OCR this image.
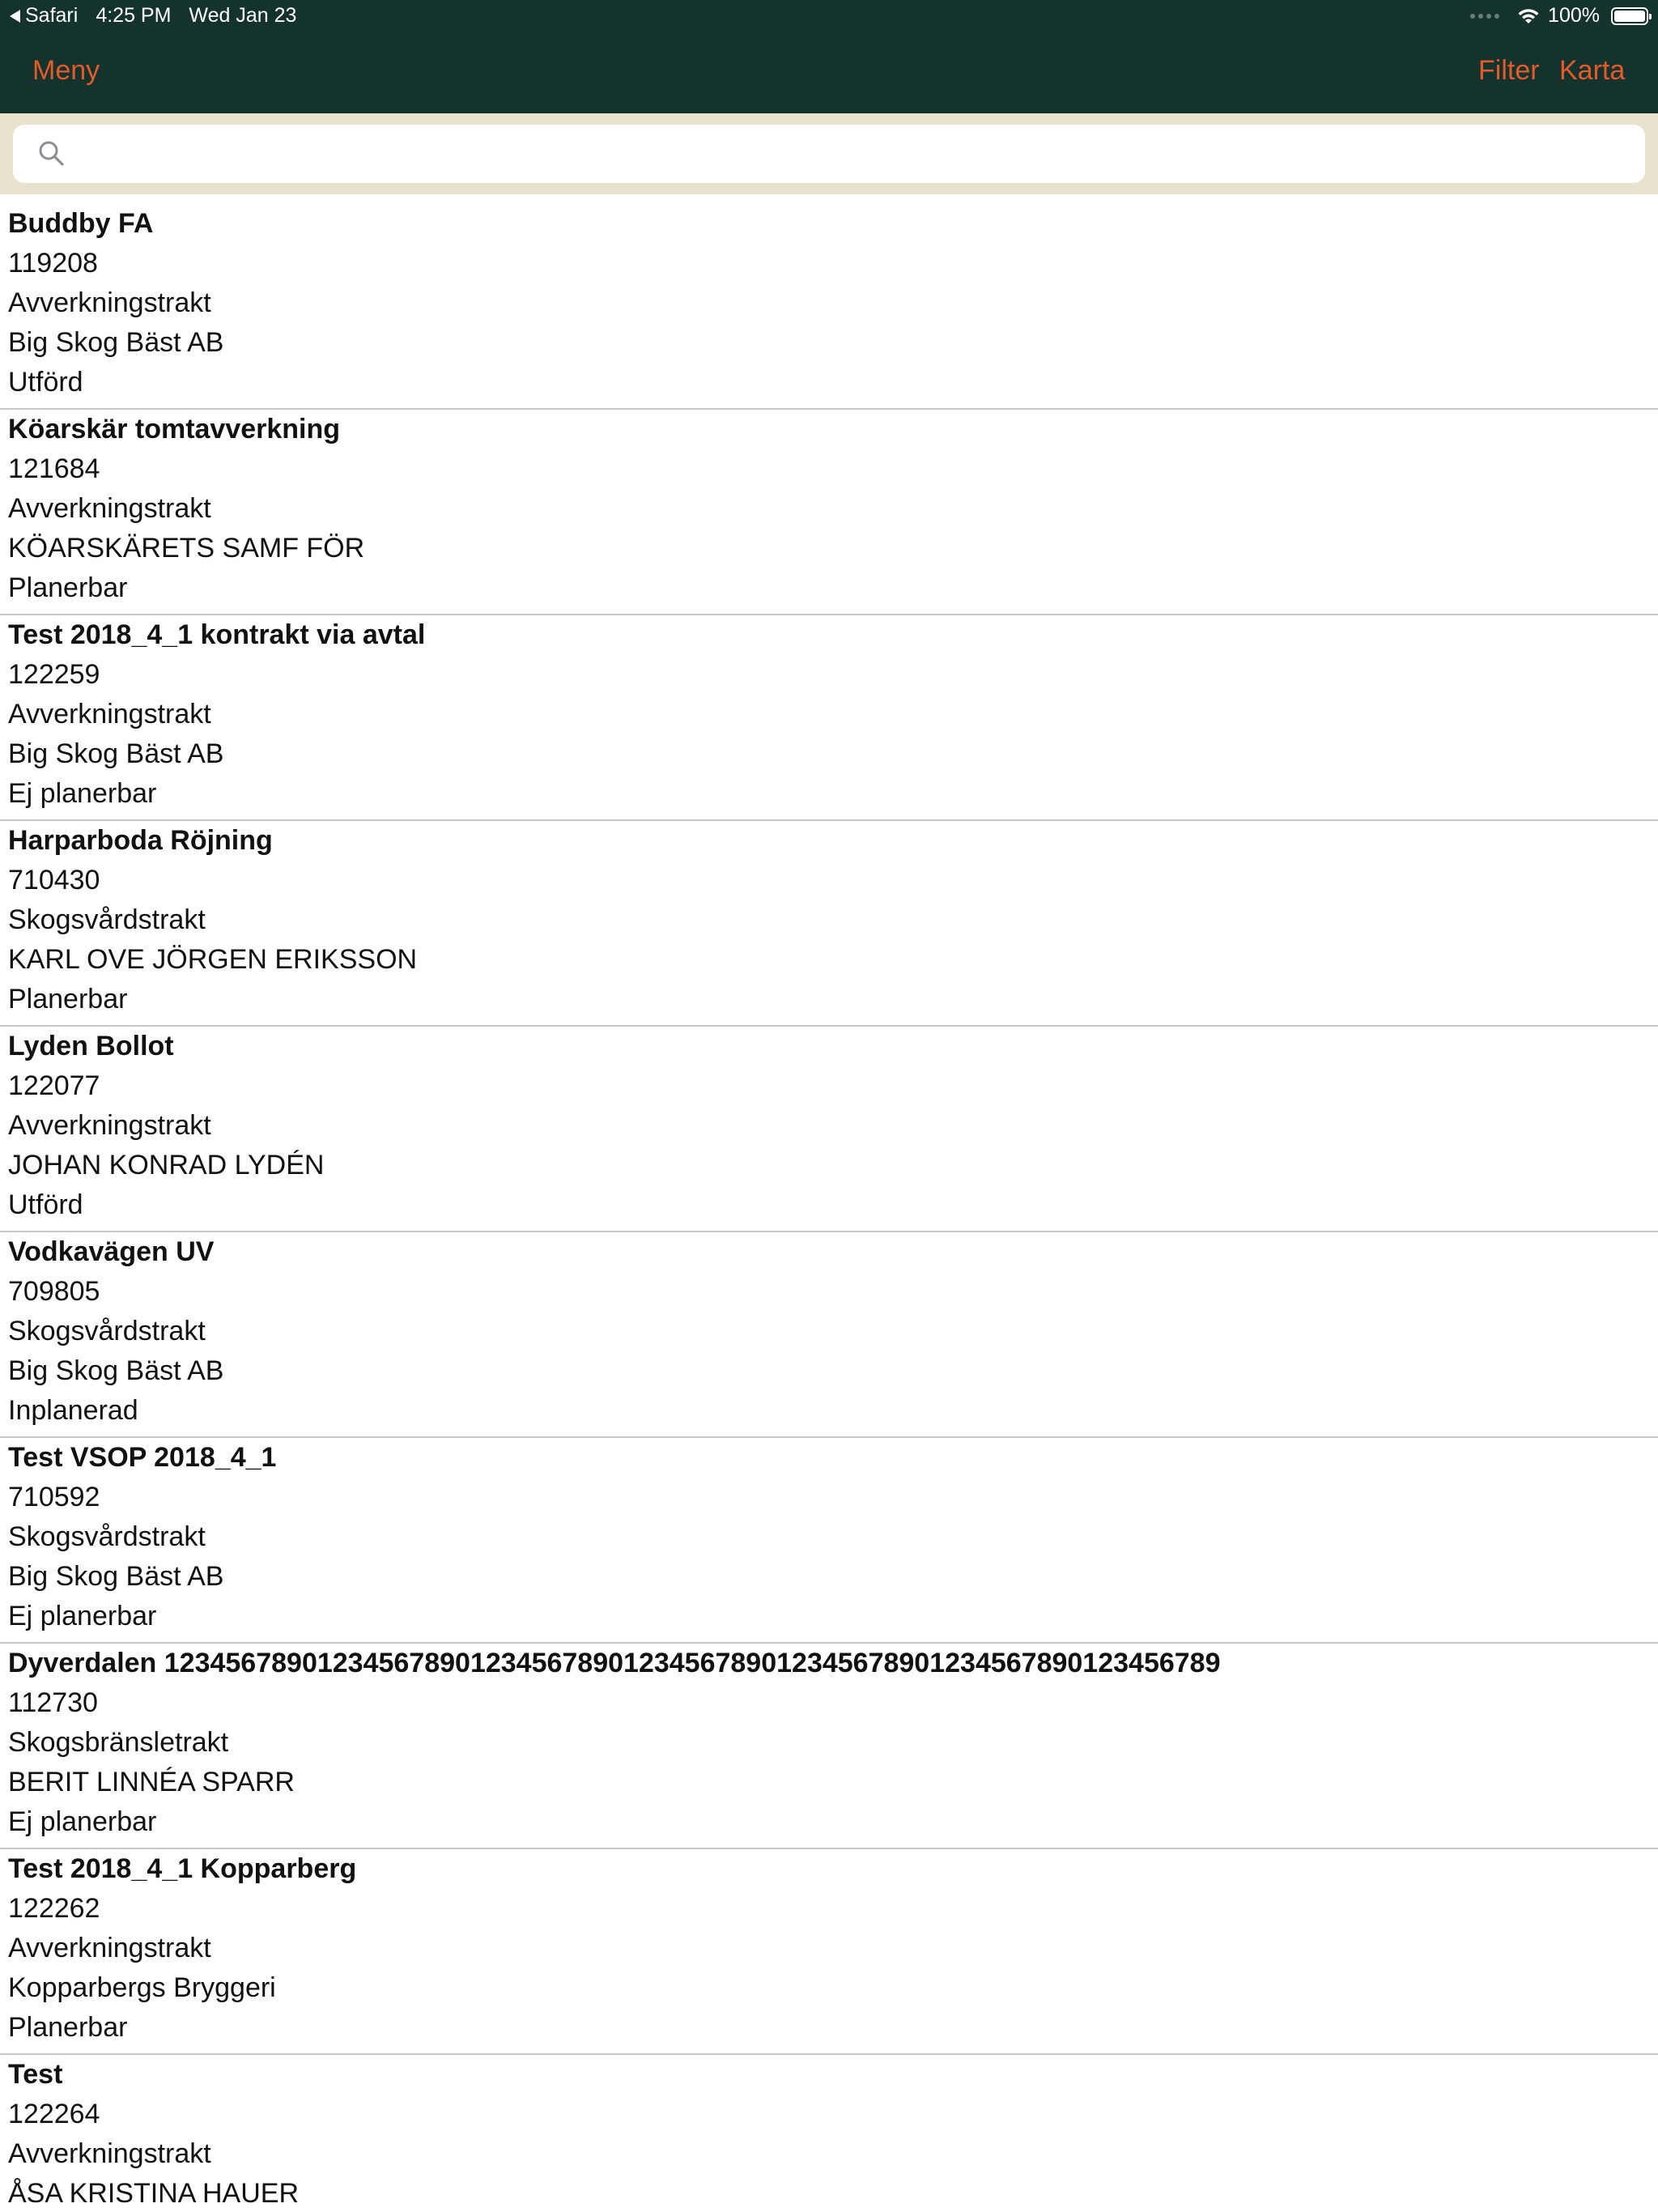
Safari 4:25 PM Wed Jan 23	100%
Meny	Filter Karta
Buddby FA
119208
Avverkningstrakt
Big Skog Bäst AB
Utförd
Köarskär tomtavverkning
121684
Avverkningstrakt
KÖARSKÄRETS SAMF FÖR
Planerbar
Test 2018_4_1 kontrakt via avtal
122259
Avverkningstrakt
Big Skog Bäst AB
Ej planerbar
Harparboda Röjning
710430
Skogsvårdstrakt
KARL OVE JÖRGEN ERIKSSON
Planerbar
Lyden Bollot
122077
Avverkningstrakt
JOHAN KONRAD LYDÉN
Utförd
Vodkavägen UV
709805
Skogsvårdstrakt
Big Skog Bäst AB
Inplanerad
Test VSOP 2018_4_1
710592
Skogsvårdstrakt
Big Skog Bäst AB
Ej planerbar
Dyverdalen 123456789012345678901234567890123456789012345678901234567890123456789
112730
Skogsbränsletrakt
BERIT LINNÉA SPARR
Ej planerbar
Test 2018_4_1 Kopparberg
122262
Avverkningstrakt
Kopparbergs Bryggeri
Planerbar
Test
122264
Avverkningstrakt
ÅSA KRISTINA HAUER
